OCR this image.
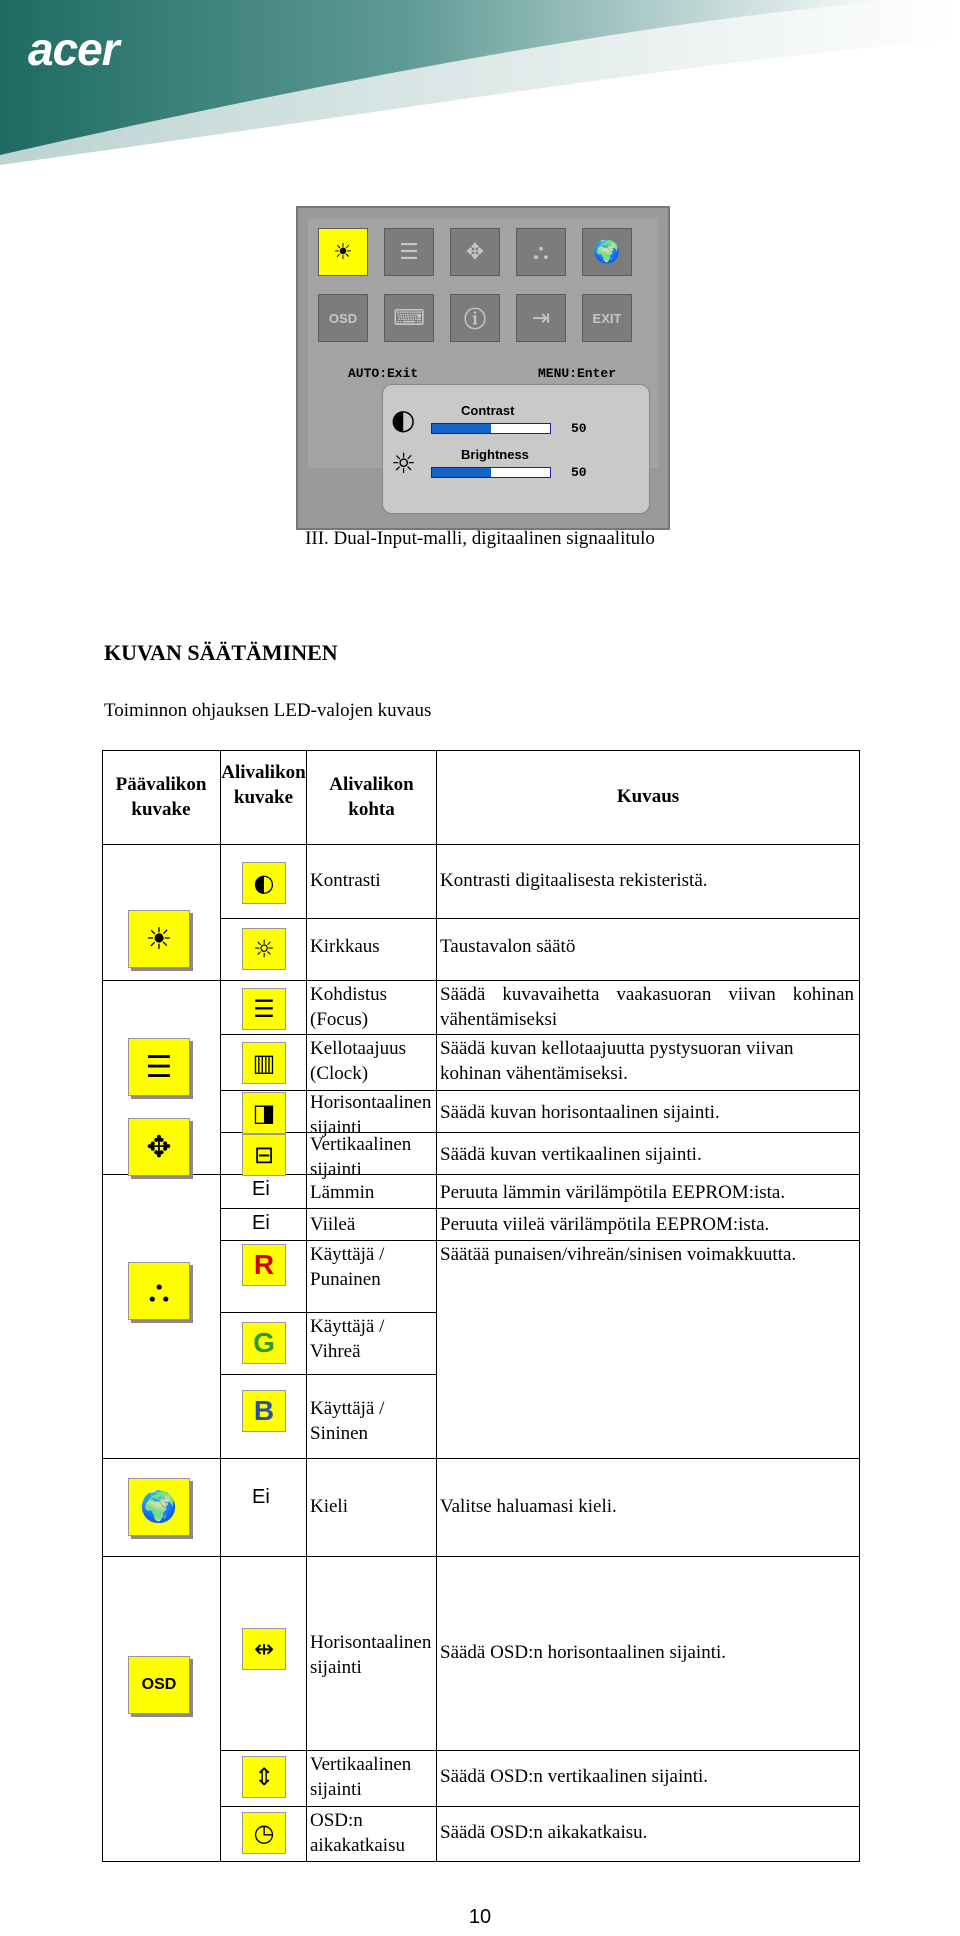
acer
☀	☰	✥	⛬	🌍
OSD	⌨	ⓘ	⇥	EXIT
AUTO:Exit	MENU:Enter
◐	Contrast
50
☼	Brightness
50
III. Dual-Input-malli, digitaalinen signaalitulo
KUVAN SÄÄTÄMINEN
Toiminnon ohjauksen LED-valojen kuvaus
Päävalikon kuvake
Alivalikon kuvake
Alivalikon kohta
Kuvaus
☀
☰
✥
⛬
🌍
OSD
◐
☼
☰
▥
◨
⊟
Ei
Ei
R
G
B
Ei
⇹
⇕
◷
Kontrasti
Kirkkaus
Kohdistus (Focus)
Kellotaajuus (Clock)
Horisontaalinen sijainti
Vertikaalinen sijainti
Lämmin
Viileä
Käyttäjä / Punainen
Käyttäjä / Vihreä
Käyttäjä / Sininen
Kieli
Horisontaalinen sijainti
Vertikaalinen sijainti
OSD:n aikakatkaisu
Kontrasti digitaalisesta rekisteristä.
Taustavalon säätö
Säädä kuvavaihetta vaakasuoran viivan kohinan vähentämiseksi
Säädä kuvan kellotaajuutta pystysuoran viivan kohinan vähentämiseksi.
Säädä kuvan horisontaalinen sijainti.
Säädä kuvan vertikaalinen sijainti.
Peruuta lämmin värilämpötila EEPROM:ista.
Peruuta viileä värilämpötila EEPROM:ista.
Säätää punaisen/vihreän/sinisen voimakkuutta.
Valitse haluamasi kieli.
Säädä OSD:n horisontaalinen sijainti.
Säädä OSD:n vertikaalinen sijainti.
Säädä OSD:n aikakatkaisu.
10
